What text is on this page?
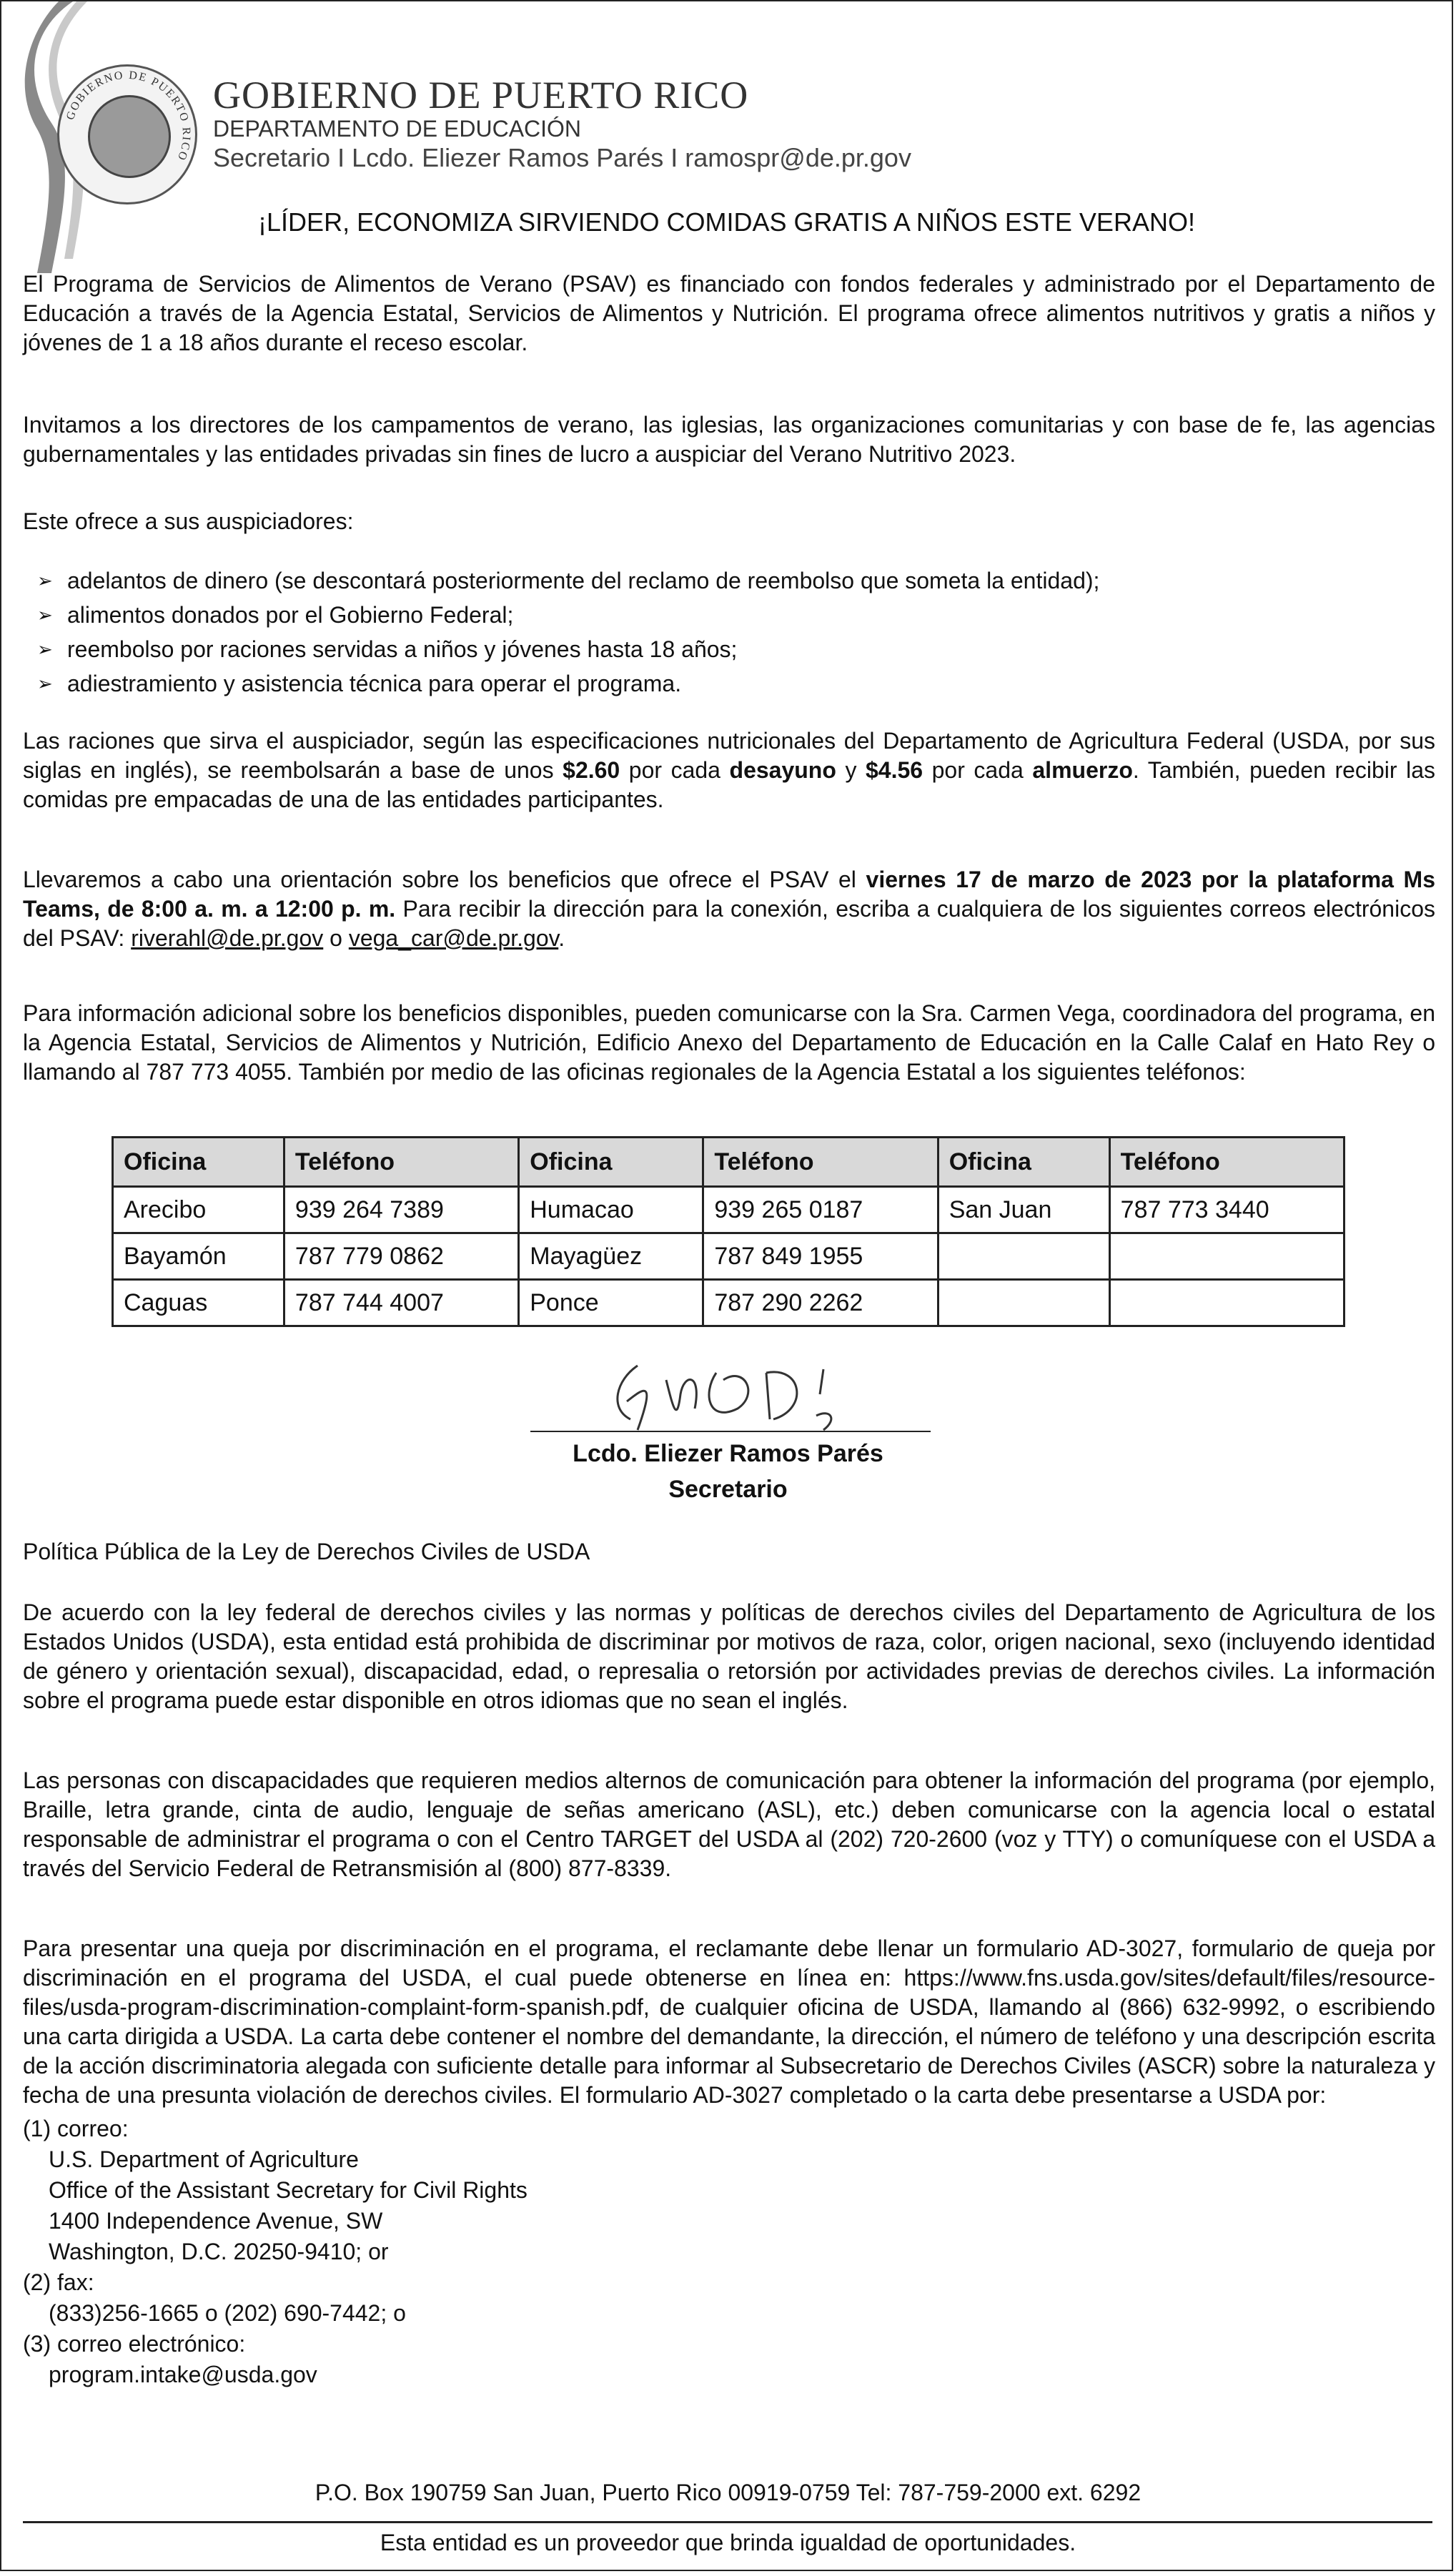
GOBIERNO DE PUERTO RICO
GOBIERNO DE PUERTO RICO
DEPARTAMENTO DE EDUCACIÓN
Secretario I Lcdo. Eliezer Ramos Parés I ramospr@de.pr.gov
¡LÍDER, ECONOMIZA SIRVIENDO COMIDAS GRATIS A NIÑOS ESTE VERANO!
El Programa de Servicios de Alimentos de Verano (PSAV) es financiado con fondos federales y administrado por el Departamento de Educación a través de la Agencia Estatal, Servicios de Alimentos y Nutrición. El programa ofrece alimentos nutritivos y gratis a niños y jóvenes de 1 a 18 años durante el receso escolar.
Invitamos a los directores de los campamentos de verano, las iglesias, las organizaciones comunitarias y con base de fe, las agencias gubernamentales y las entidades privadas sin fines de lucro a auspiciar del Verano Nutritivo 2023.
Este ofrece a sus auspiciadores:
➢ adelantos de dinero (se descontará posteriormente del reclamo de reembolso que someta la entidad);
➢ alimentos donados por el Gobierno Federal;
➢ reembolso por raciones servidas a niños y jóvenes hasta 18 años;
➢ adiestramiento y asistencia técnica para operar el programa.
Las raciones que sirva el auspiciador, según las especificaciones nutricionales del Departamento de Agricultura Federal (USDA, por sus siglas en inglés), se reembolsarán a base de unos $2.60 por cada desayuno y $4.56 por cada almuerzo. También, pueden recibir las comidas pre empacadas de una de las entidades participantes.
Llevaremos a cabo una orientación sobre los beneficios que ofrece el PSAV el viernes 17 de marzo de 2023 por la plataforma Ms Teams, de 8:00 a. m. a 12:00 p. m. Para recibir la dirección para la conexión, escriba a cualquiera de los siguientes correos electrónicos del PSAV: riverahl@de.pr.gov o vega_car@de.pr.gov.
Para información adicional sobre los beneficios disponibles, pueden comunicarse con la Sra. Carmen Vega, coordinadora del programa, en la Agencia Estatal, Servicios de Alimentos y Nutrición, Edificio Anexo del Departamento de Educación en la Calle Calaf en Hato Rey o llamando al 787 773 4055. También por medio de las oficinas regionales de la Agencia Estatal a los siguientes teléfonos:
Oficina	Teléfono	Oficina	Teléfono	Oficina	Teléfono
Arecibo	939 264 7389	Humacao	939 265 0187	San Juan	787 773 3440
Bayamón	787 779 0862	Mayagüez	787 849 1955		
Caguas	787 744 4007	Ponce	787 290 2262		
Lcdo. Eliezer Ramos Parés
Secretario
Política Pública de la Ley de Derechos Civiles de USDA
De acuerdo con la ley federal de derechos civiles y las normas y políticas de derechos civiles del Departamento de Agricultura de los Estados Unidos (USDA), esta entidad está prohibida de discriminar por motivos de raza, color, origen nacional, sexo (incluyendo identidad de género y orientación sexual), discapacidad, edad, o represalia o retorsión por actividades previas de derechos civiles. La información sobre el programa puede estar disponible en otros idiomas que no sean el inglés.
Las personas con discapacidades que requieren medios alternos de comunicación para obtener la información del programa (por ejemplo, Braille, letra grande, cinta de audio, lenguaje de señas americano (ASL), etc.) deben comunicarse con la agencia local o estatal responsable de administrar el programa o con el Centro TARGET del USDA al (202) 720-2600 (voz y TTY) o comuníquese con el USDA a través del Servicio Federal de Retransmisión al (800) 877-8339.
Para presentar una queja por discriminación en el programa, el reclamante debe llenar un formulario AD-3027, formulario de queja por discriminación en el programa del USDA, el cual puede obtenerse en línea en: https://www.fns.usda.gov/sites/default/files/resource-files/usda-program-discrimination-complaint-form-spanish.pdf, de cualquier oficina de USDA, llamando al (866) 632-9992, o escribiendo una carta dirigida a USDA. La carta debe contener el nombre del demandante, la dirección, el número de teléfono y una descripción escrita de la acción discriminatoria alegada con suficiente detalle para informar al Subsecretario de Derechos Civiles (ASCR) sobre la naturaleza y fecha de una presunta violación de derechos civiles. El formulario AD-3027 completado o la carta debe presentarse a USDA por:
(1) correo:
U.S. Department of Agriculture
Office of the Assistant Secretary for Civil Rights
1400 Independence Avenue, SW
Washington, D.C. 20250-9410; or
(2) fax:
(833)256-1665 o (202) 690-7442; o
(3) correo electrónico:
program.intake@usda.gov
P.O. Box 190759 San Juan, Puerto Rico 00919-0759 Tel: 787-759-2000 ext. 6292
Esta entidad es un proveedor que brinda igualdad de oportunidades.
